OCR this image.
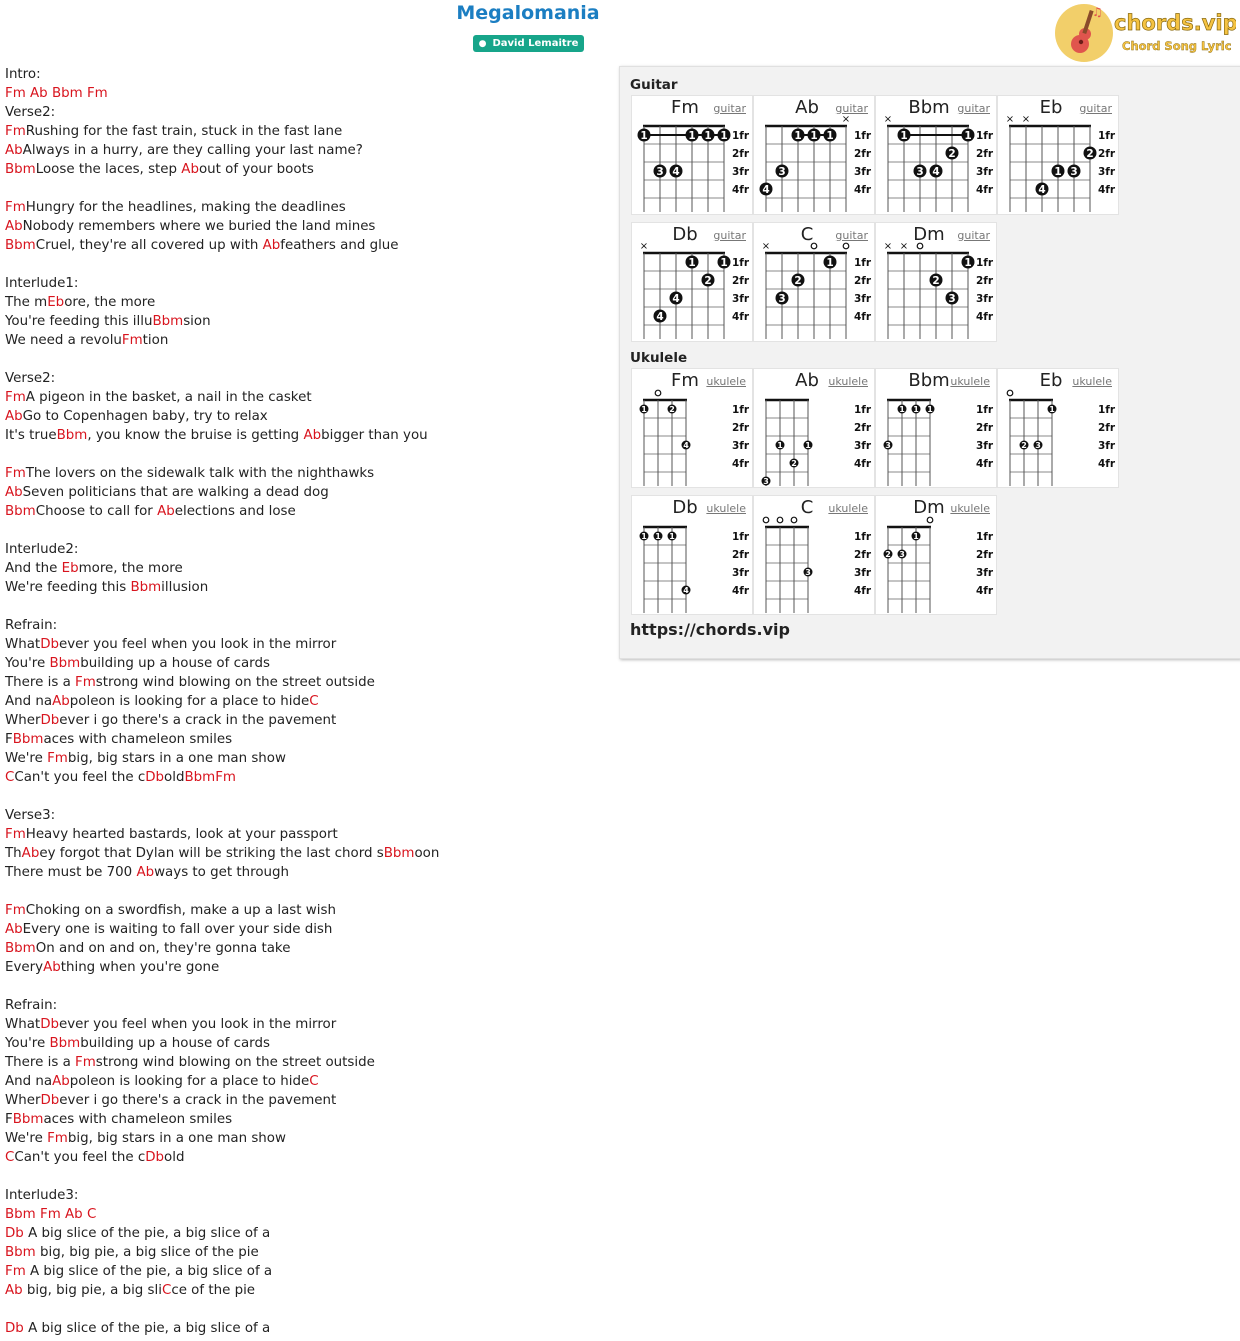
Megalomania
● David Lemaitre
♫ chords.vip
Chord Song Lyric
Intro:
Fm Ab Bbm Fm
Verse2:
FmRushing for the fast train, stuck in the fast lane
AbAlways in a hurry, are they calling your last name?
BbmLoose the laces, step About of your boots
FmHungry for the headlines, making the deadlines
AbNobody remembers where we buried the land mines
BbmCruel, they're all covered up with Abfeathers and glue
Interlude1:
The mEbore, the more
You're feeding this illuBbmsion
We need a revoluFmtion
Verse2:
FmA pigeon in the basket, a nail in the casket
AbGo to Copenhagen baby, try to relax
It's trueBbm, you know the bruise is getting Abbigger than you
FmThe lovers on the sidewalk talk with the nighthawks
AbSeven politicians that are walking a dead dog
BbmChoose to call for Abelections and lose
Interlude2:
And the Ebmore, the more
We're feeding this Bbmillusion
Refrain:
WhatDbever you feel when you look in the mirror
You're Bbmbuilding up a house of cards
There is a Fmstrong wind blowing on the street outside
And naAbpoleon is looking for a place to hideC
WherDbever i go there's a crack in the pavement
FBbmaces with chameleon smiles
We're Fmbig, big stars in a one man show
CCan't you feel the cDboldBbmFm
Verse3:
FmHeavy hearted bastards, look at your passport
ThAbey forgot that Dylan will be striking the last chord sBbmoon
There must be 700 Abways to get through
FmChoking on a swordfish, make a up a last wish
AbEvery one is waiting to fall over your side dish
BbmOn and on and on, they're gonna take
EveryAbthing when you're gone
Refrain:
WhatDbever you feel when you look in the mirror
You're Bbmbuilding up a house of cards
There is a Fmstrong wind blowing on the street outside
And naAbpoleon is looking for a place to hideC
WherDbever i go there's a crack in the pavement
FBbmaces with chameleon smiles
We're Fmbig, big stars in a one man show
CCan't you feel the cDbold
Interlude3:
Bbm Fm Ab C
Db A big slice of the pie, a big slice of a
Bbm big, big pie, a big slice of the pie
Fm A big slice of the pie, a big slice of a
Ab big, big pie, a big sliCce of the pie
Db A big slice of the pie, a big slice of a
Guitar
1fr
2fr
3fr
4fr
1
3 4
1 1 1
Fm	guitar
1fr
2fr
3fr
4fr
4
3
1 1 1
×
Ab	guitar
1fr
2fr
3fr
4fr
×
1
3 4
2
1
Bbm guitar
1fr
2fr
3fr
4fr
× ×
4
1 3
2
Eb	guitar
1fr
2fr
3fr
4fr
×
4
4
1
2
1
Db	guitar
1fr
2fr
3fr
4fr
×
3
2
1
C	guitar
1fr
2fr
3fr
4fr
× ×
2
3
1
Dm	guitar
Ukulele
1fr
2fr
3fr
4fr
1	2
4
Fm ukulele
1fr
2fr
3fr
4fr
3
1
2
1
Ab ukulele
1fr
2fr
3fr
4fr
3
1 1 1
Bbm ukulele
1fr
2fr
3fr
4fr
2 3
1
Eb ukulele
1fr
2fr
3fr
4fr
1 1 1
4
Db ukulele
1fr
2fr
3fr
4fr
3
C	ukulele
1fr
2fr
3fr
4fr
2 3
1
Dm ukulele
https://chords.vip
